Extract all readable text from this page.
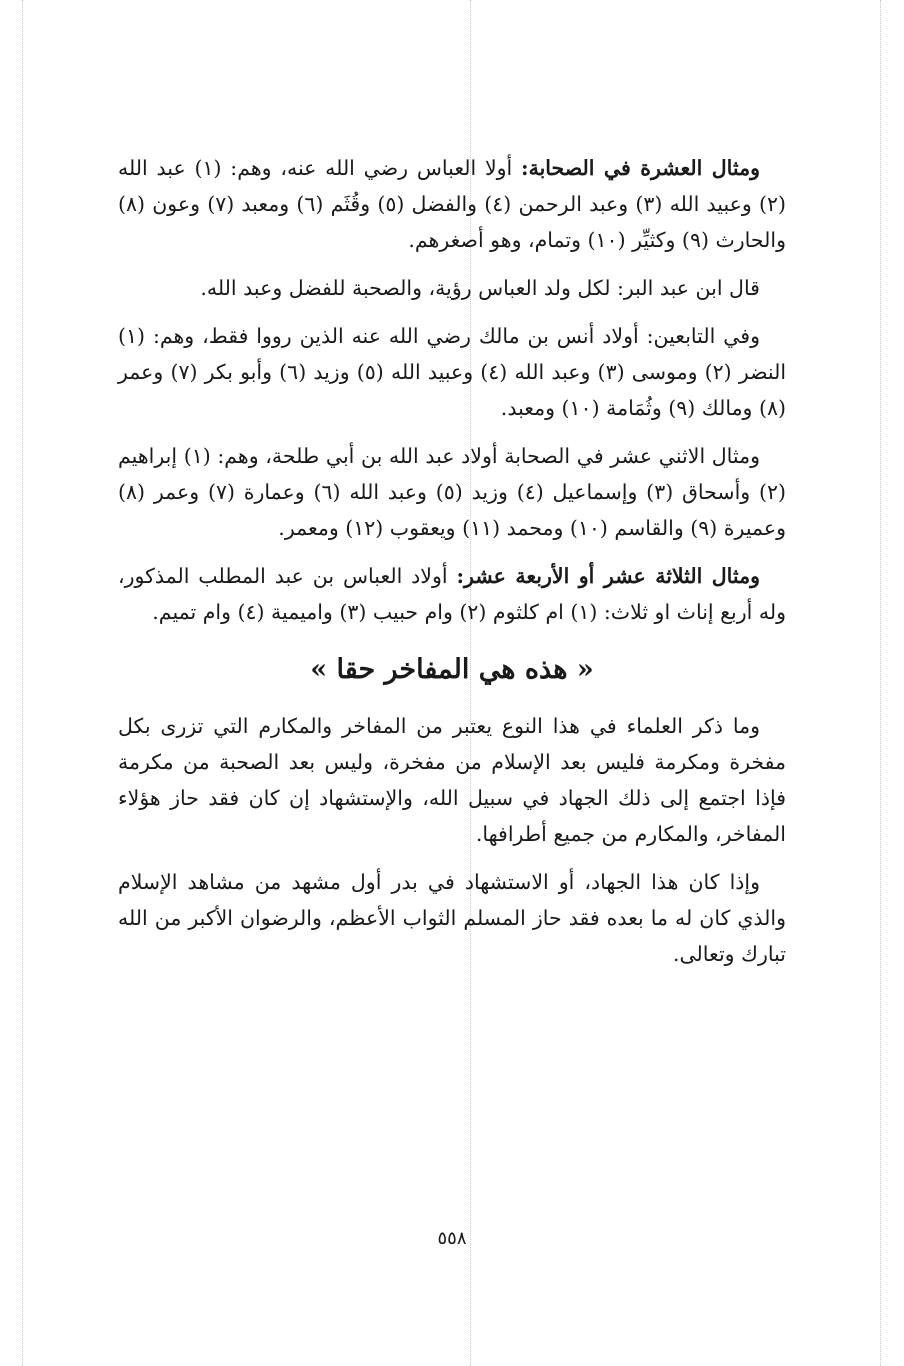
ومثال العشرة في الصحابة: أولا العباس رضي الله عنه، وهم: (١) عبد الله (٢) وعبيد الله (٣) وعبد الرحمن (٤) والفضل (٥) وقُثَم (٦) ومعبد (٧) وعون (٨) والحارث (٩) وكثيِّر (١٠) وتمام، وهو أصغرهم.

قال ابن عبد البر: لكل ولد العباس رؤية، والصحبة للفضل وعبد الله.

وفي التابعين: أولاد أنس بن مالك رضي الله عنه الذين رووا فقط، وهم: (١) النضر (٢) وموسى (٣) وعبد الله (٤) وعبيد الله (٥) وزيد (٦) وأبو بكر (٧) وعمر (٨) ومالك (٩) وثُمَامة (١٠) ومعبد.

ومثال الاثني عشر في الصحابة أولاد عبد الله بن أبي طلحة، وهم: (١) إبراهيم (٢) وأسحاق (٣) وإسماعيل (٤) وزيد (٥) وعبد الله (٦) وعمارة (٧) وعمر (٨) وعميرة (٩) والقاسم (١٠) ومحمد (١١) ويعقوب (١٢) ومعمر.

ومثال الثلاثة عشر أو الأربعة عشر: أولاد العباس بن عبد المطلب المذكور، وله أربع إناث او ثلاث: (١) ام كلثوم (٢) وام حبيب (٣) واميمية (٤) وام تميم.

« هذه هي المفاخر حقا »

وما ذكر العلماء في هذا النوع يعتبر من المفاخر والمكارم التي تزرى بكل مفخرة ومكرمة فليس بعد الإسلام من مفخرة، وليس بعد الصحبة من مكرمة فإذا اجتمع إلى ذلك الجهاد في سبيل الله، والإستشهاد إن كان فقد حاز هؤلاء المفاخر، والمكارم من جميع أطرافها.

وإذا كان هذا الجهاد، أو الاستشهاد في بدر أول مشهد من مشاهد الإسلام والذي كان له ما بعده فقد حاز المسلم الثواب الأعظم، والرضوان الأكبر من الله تبارك وتعالى.

٥٥٨
